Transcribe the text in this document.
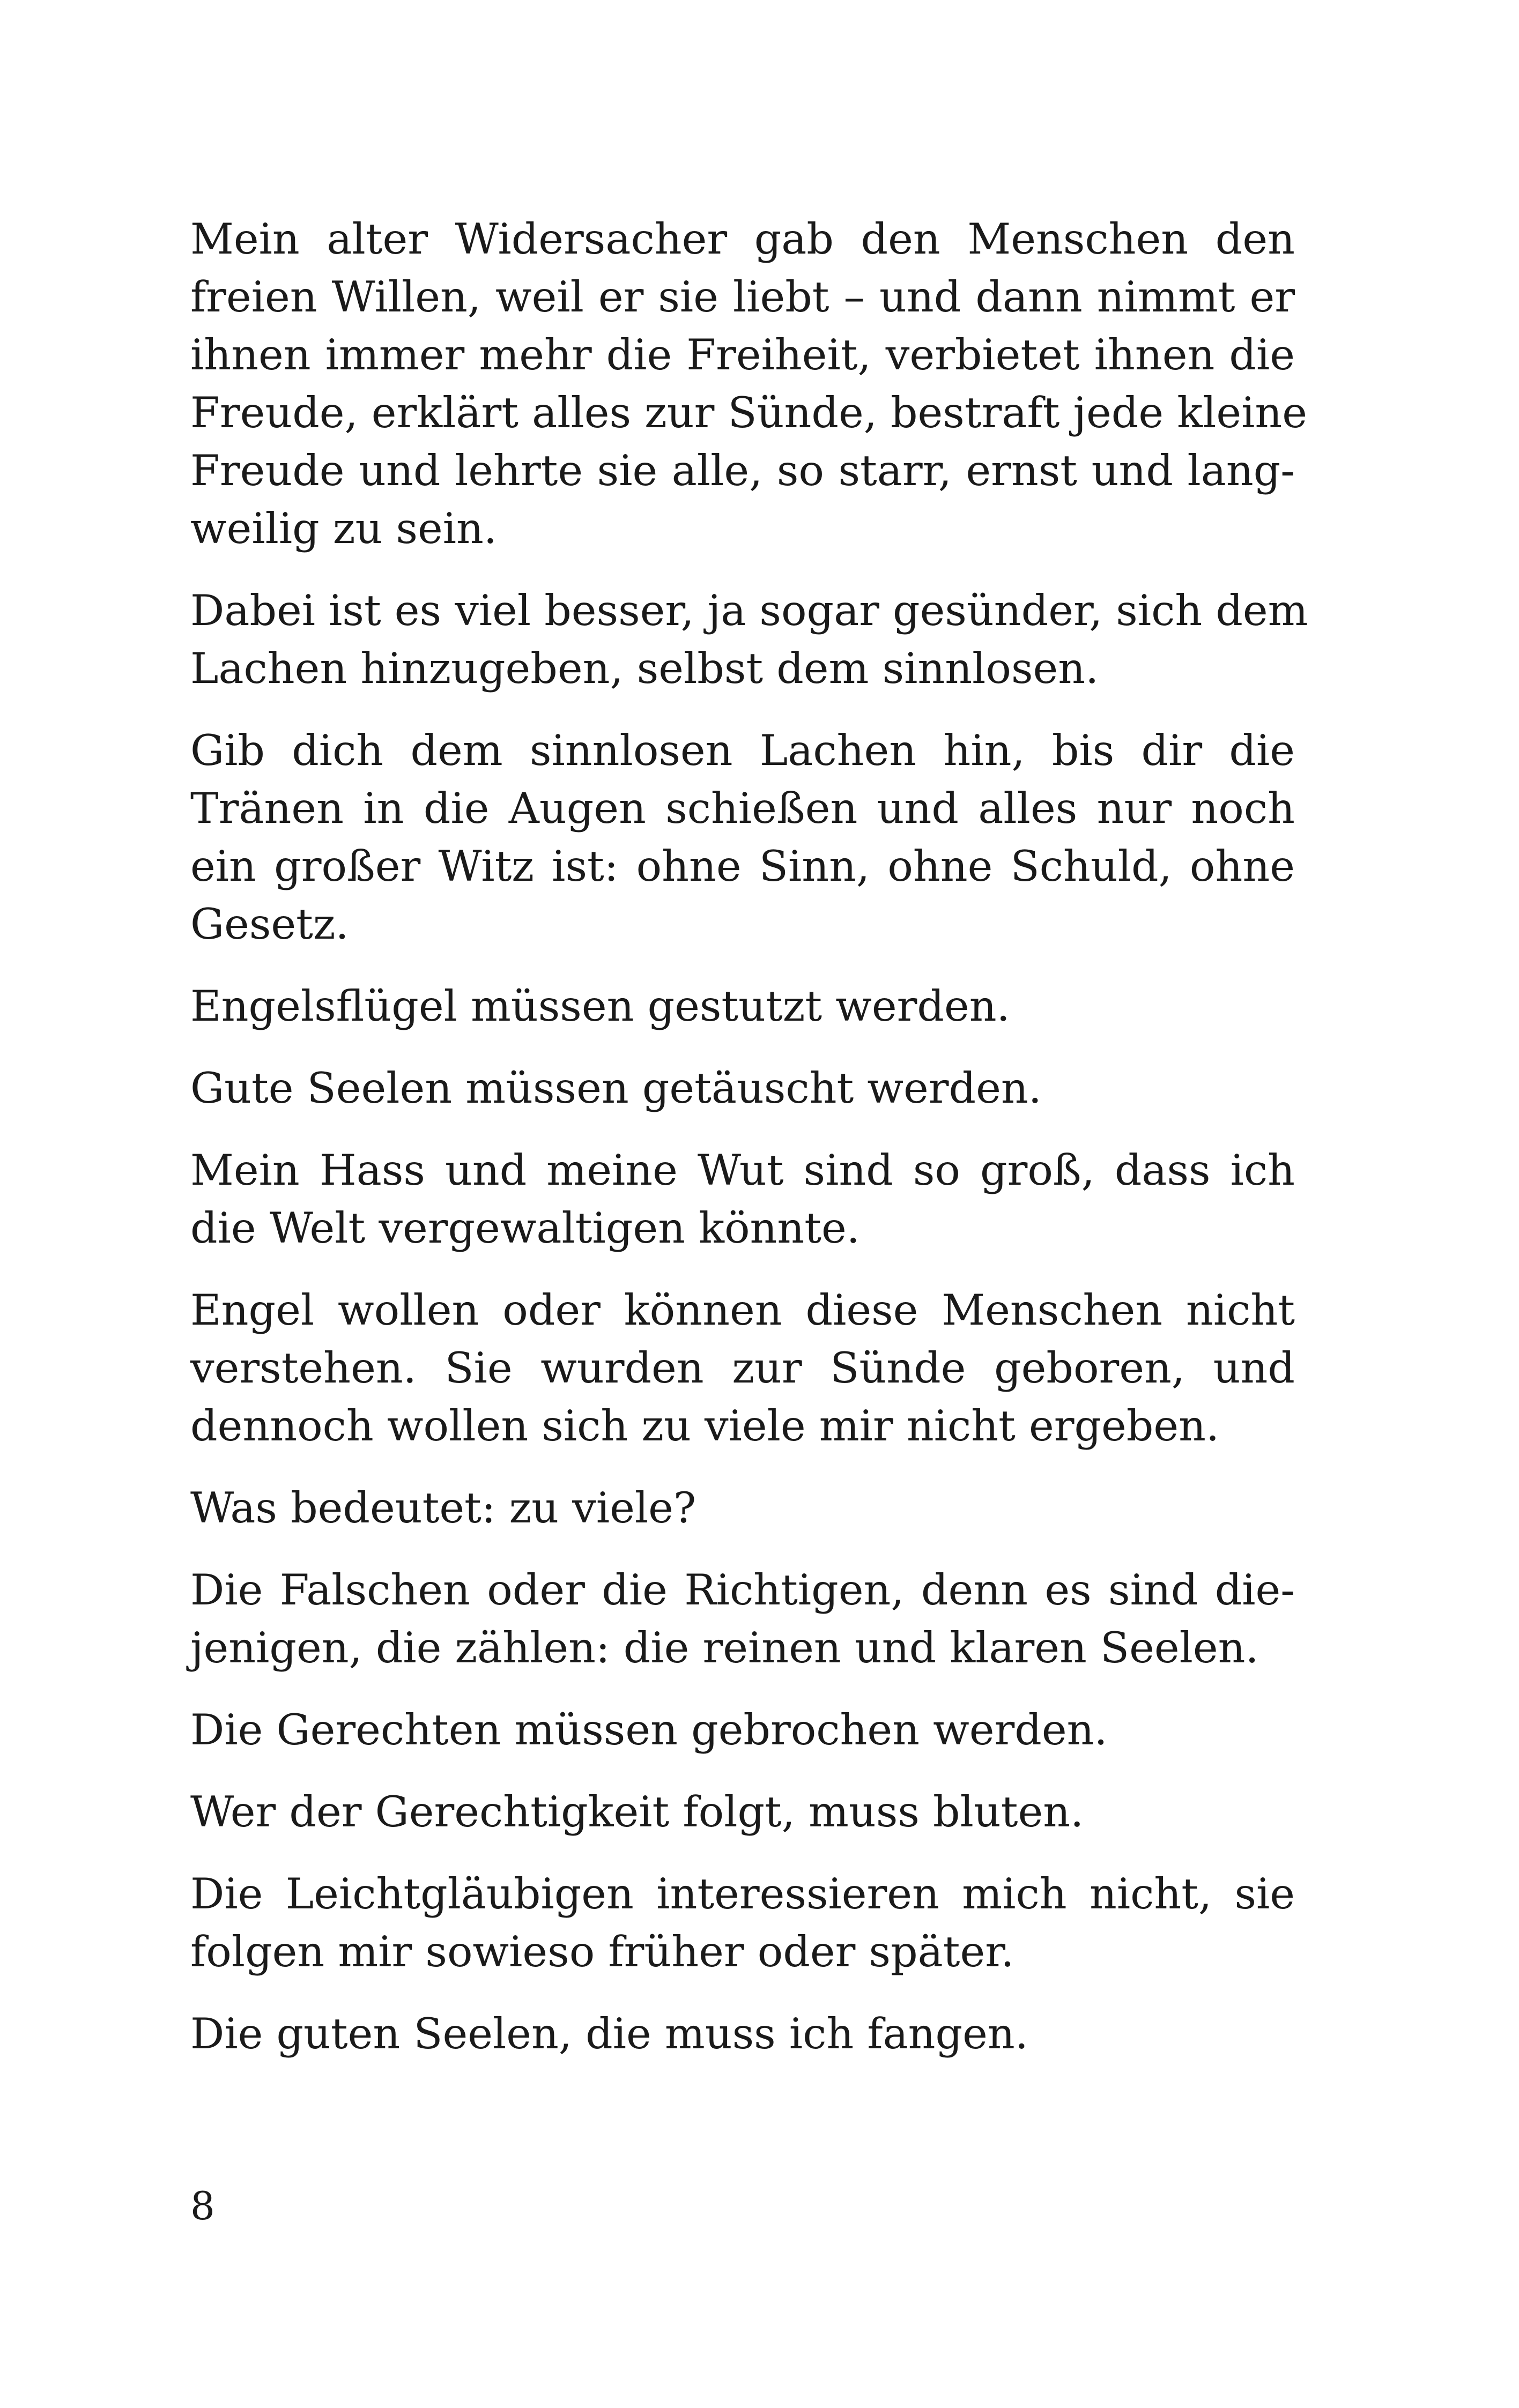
Mein alter Widersacher gab den Menschen den
freien Willen, weil er sie liebt – und dann nimmt er
ihnen immer mehr die Freiheit, verbietet ihnen die
Freude, erklärt alles zur Sünde, bestraft jede kleine
Freude und lehrte sie alle, so starr, ernst und lang-
weilig zu sein.

Dabei ist es viel besser, ja sogar gesünder, sich dem
Lachen hinzugeben, selbst dem sinnlosen.

Gib dich dem sinnlosen Lachen hin, bis dir die
Tränen in die Augen schießen und alles nur noch
ein großer Witz ist: ohne Sinn, ohne Schuld, ohne
Gesetz.

Engelsflügel müssen gestutzt werden.

Gute Seelen müssen getäuscht werden.

Mein Hass und meine Wut sind so groß, dass ich
die Welt vergewaltigen könnte.

Engel wollen oder können diese Menschen nicht
verstehen. Sie wurden zur Sünde geboren, und
dennoch wollen sich zu viele mir nicht ergeben.

Was bedeutet: zu viele?

Die Falschen oder die Richtigen, denn es sind die-
jenigen, die zählen: die reinen und klaren Seelen.

Die Gerechten müssen gebrochen werden.

Wer der Gerechtigkeit folgt, muss bluten.

Die Leichtgläubigen interessieren mich nicht, sie
folgen mir sowieso früher oder später.

Die guten Seelen, die muss ich fangen.

8
